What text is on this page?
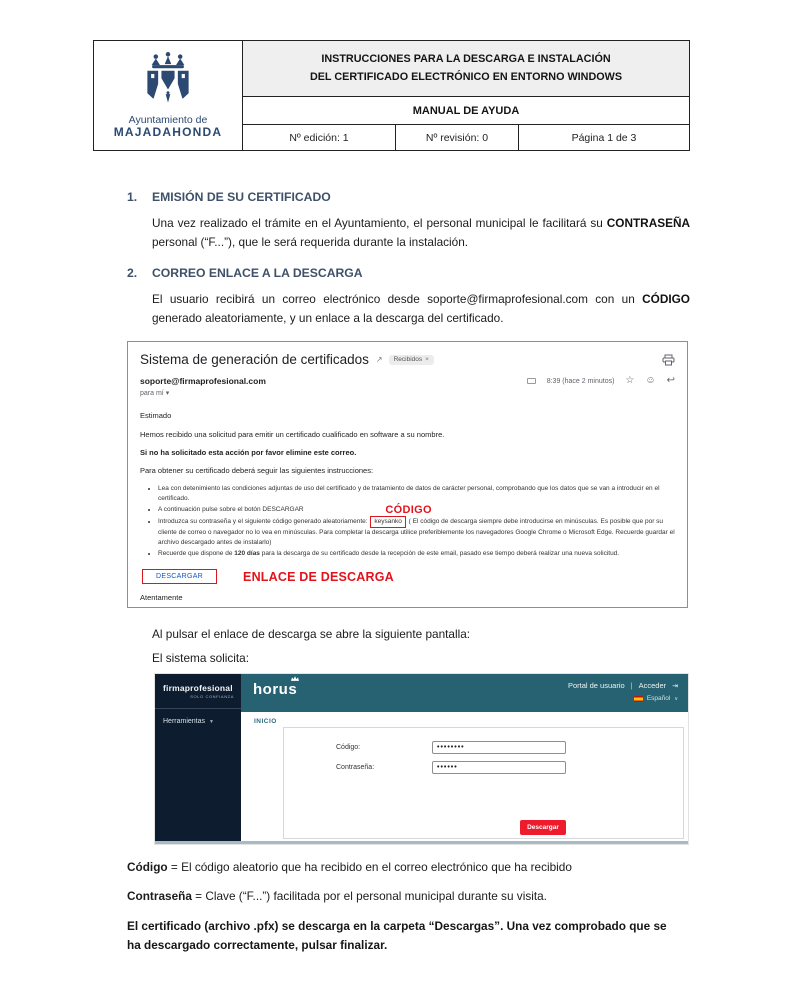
Ayuntamiento de
MAJADAHONDA
INSTRUCCIONES PARA LA DESCARGA E INSTALACIÓN
DEL CERTIFICADO ELECTRÓNICO EN ENTORNO WINDOWS
MANUAL DE AYUDA
Nº edición: 1	Nº revisión: 0	Página 1 de 3
1. EMISIÓN DE SU CERTIFICADO

Una vez realizado el trámite en el Ayuntamiento, el personal municipal le facilitará su CONTRASEÑA personal (“F...”), que le será requerida durante la instalación.

2. CORREO ENLACE A LA DESCARGA

El usuario recibirá un correo electrónico desde soporte@firmaprofesional.com con un CÓDIGO generado aleatoriamente, y un enlace a la descarga del certificado.

Sistema de generación de certificados ↗ Recibidos ×
soporte@firmaprofesional.com	8:39 (hace 2 minutos) ☆ ☺ ↩
para mí ▾

Estimado

Hemos recibido una solicitud para emitir un certificado cualificado en software a su nombre.

Si no ha solicitado esta acción por favor elimine este correo.

Para obtener su certificado deberá seguir las siguientes instrucciones:

• Lea con detenimiento las condiciones adjuntas de uso del certificado y de tratamiento de datos de carácter personal, comprobando que los datos que se van a introducir en el certificado.
• A continuación pulse sobre el botón DESCARGAR
• Introduzca su contraseña y el siguiente código generado aleatoriamente: keysanko
CÓDIGO
( El código de descarga siempre debe introducirse en minúsculas. Es posible que por su cliente de correo o navegador no lo vea en minúsculas. Para completar la descarga utilice preferiblemente los navegadores Google Chrome o Microsoft Edge. Recuerde guardar el archivo descargado antes de instalarlo)
• Recuerde que dispone de 120 días para la descarga de su certificado desde la recepción de este email, pasado ese tiempo deberá realizar una nueva solicitud.
DESCARGAR	ENLACE DE DESCARGA
Atentamente

Al pulsar el enlace de descarga se abre la siguiente pantalla:

El sistema solicita:

firmaprofesional
SOLO CONFIANZA
Herramientas ▼
horus	Portal de usuario | Acceder ⇥
Español ∨
INICIO
Código:
••••••••
Contraseña:
••••••
Descargar

Código = El código aleatorio que ha recibido en el correo electrónico que ha recibido

Contraseña = Clave (“F...”) facilitada por el personal municipal durante su visita.

El certificado (archivo .pfx) se descarga en la carpeta “Descargas”. Una vez comprobado que se ha descargado correctamente, pulsar finalizar.
